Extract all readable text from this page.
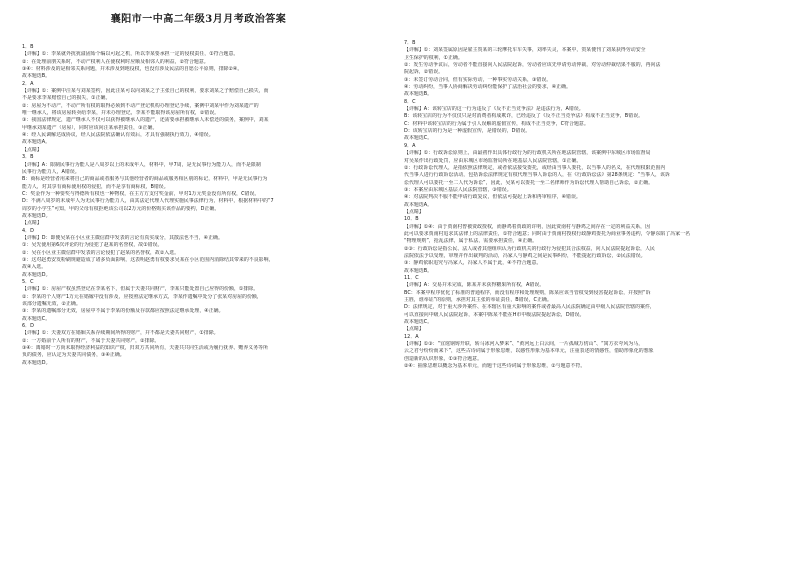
襄阳市一中高二年级3月月考政治答案
1．B
【详解】①：李某就外扰犹溢固始个编以可起之机，所以李某要承担一定的侵权责任，①符合题意。
②：在处理前朋关系时，不动产权利人在使权利时应顺及相邻人的利益，②符合题意。
③④：材料涉及的是相邻关系问题，并未涉及到地役权，也没有涉及民法的自愿公平原则，排除②④。
故本题选B。
2．A
【详解】①：案例中汪某与刘某签约，因此汪某可以向刘某之子主张自己的权利，要求刘某之子赔偿自己损失，而
不是要求李某赔偿自己的损失，①正确。
②：房屋为不动产，不动产所有权的取得必须到不动产登记机构办理登记手续，案例中刘某甲作为刘某遗产的
唯一继承人，将该房屋转卖给李某，并未办理登记，李某不能取得该房屋所有权，②错误。
③：我国法律规定，遗产继承人不仅可以获得被继承人的遗产，还需要承担被继承人未偿还的债务，案例中，刘某
甲继承刘某遗产（房屋），同时应该向汪某承担责任，③正确。
④：经人民调解达成协议，经人民法院依法确认有效后，才具有强制执行效力，④错误。
故本题选A。
【点睛】
3．B
【详解】A：限制民事行为能人是八周岁以上的未成年人，材料中，甲7周，是无民事行为能力人，而不是限制
民事行为能力人，A错误。
B：商标是经营者用来将自己的商品或者服务与其他经营者的商品或服务相区别的标记，材料中，甲是无民事行为
能力人，对其享有商标使用权的侵犯，而不是享有商标权，B错误。
C：奖金作为一种要奖与得德所有权也一种物权，在主方方支付奖金前，甲对1万元奖金没有所有权，C错误。
D：不满八周岁的未成年人为无民事行为能力人，由其法定代理人代理实施民事法律行为，材料中，根据材料中的“7
周岁的小学生”可知，甲的父母有权拒绝该公司以2万元的价格购买该作品的要约，D正确。
故本题选D。
【点睛】
4．D
【详解】D：即便吴某在小区业主微信群中发表的言论有真实成分，其散法也不当，④正确。
①：吴先使用第6次评论的行为侵犯了赵某的名誉权，故①错误。
②：吴在小区业主微信群中发表的言论侵犯了赵某的名誉权，故②入选。
③：这对赵勇安发粉刷规避造成了诸多负面影响，这表明赵勇有权要求吴某在小区范围内消除结其带来的不良影响，
故④入选。
故本题选D。
5．C
【详解】①：房屋产权虽然登记在李某名下，但属于夫妻共同财产，李某只能处置自己应得的份额，①排除。
②：李某的个人财产1万元在婚嫁中没有涉及，应按照法定继承方式，李某作遗嘱中处分了张某对房屋的份额，
该部分遗嘱无效，②正确。
③：李某的遗嘱部分无效，房屋中不属于李某的份额及存款都应按照法定继承处理，④正确。
故本题选C。
6．D
【详解】①：夫妻双方在婚姻关系存续期间所得的财产，并不都是夫妻共同财产，①排除。
②：一方婚前个人所有的财产，不属于夫妻共同财产，②排除。
③④：离婚时一方尚未取得经济利益的知识产权，归双方共同所有，夫妻共共同生活或为履行抚养、赡养义务等所
负的债务，应认定为夫妻共同债务，③④正确。
故本题选D。
7．B
【详解】①：刘某签属原因是雇主贺某的三轮摩托车车失事，刘率失灵，本案中，贺某便刊了刘某获得劳动安全
卫生保护的权利，①正确。
②：发生劳动争议后，劳动者不能直接向人民法院起诉，劳动者应该先申请劳动仲裁，对劳动仲裁结果不服的，再向法
院起诉，②错误。
③：未签订劳动合同，但有实际劳动，一种事实劳动关系，③错误。
④：劳动纠纷，当事人协商解决劳动纠纷能保护了法治社会的要求，④正确。
故本题选B。
8．C
【详解】A：该转宝店的这一行为违反了《反不正当竞争法》是违法行为，A错误。
B：该转宝店的行为不仅仅只是对消费者构成欺诈，已经违反了《反不正当竞争法》构成不正当竞争，B错误。
C：材料中该转宝店的行为属于引人误解的虚假宣传，构成不正当竞争，C符合题意。
D：该转宝店的行为是一种虚假宣传，是错误的，D错误。
故本题选C。
9．A
【详解】①：行政诉讼原则上，由最初作出具体行政行为的行政机关所在地法院管辖，该案例中东城区市场监督局
对吴某作出行政处罚，应由东城区市场监督局所在地基层人民法院管辖，①正确。
②：行政诉讼代理人，是指依照法律规定，或者依法接受委托，或经由当事人委托，以当事人的名义，在代理权限范围内
代当事人进行行政诉讼活动，包括诉讼法律规定有权代理当事人诉讼的人，在《行政诉讼法》第28条规定：“当事人，该诉
讼代理人可以委托一至二人代为诉讼”，因此，吴某可以委托一至二名律师作为诉讼代理人帮助自己诉讼，②正确。
③：本案应由东城区基层人民法院管辖，③错误。
④：对法院判决不服不能申请行政复议，但依法可提起上诉和再审程序，④错误。
故本题选A。
【点睛】
10．B
【详解】①④：由于贾南村曾被贾政授权，而静鸡着贾政的许明，因此贾南村与静鸡之间存在一定的利益关系，因
此可以要求贾南村追求其法律上的法律责任，①符合题意；同时由于贾南村授权行政静鸡委托为商业事务违约，令静东陷了冯家一名
“物理规则”，抢乱法律，属于私法，需要承担责任，④正确。
②③：行政诉讼是指公民、法人或者其他组织认为行政机关的行政行为侵犯其合法权益，向人民法院提起诉讼，人民
法院依法予以受理，审理并作出裁判的活动，冯家人与静鸡之间是民事纠纷，不能提起行政诉讼，②民法错误。
③：静鸡依职追究与冯家人，冯家人不属于此，④不符合题意。
故本题选B。
11．C
【详解】A：交易并未完成，陈某并未获得糖果所有权，A错误。
BC：本案中程序优化了标准的普通程序，而没有程序和处理规则，陈某应该当管权受到侵害提起诉讼，并按照“诉
主胜，谁举证”的原则，承担对其主张的举证责任，B错误，C正确。
D：法律规定，对于重大涉外案件、在本辖区有重大影响的案件或者最高人民法院确定由中级人民法院管辖的案件，
可以直接向中级人民法院起诉，本案中陈某不能在H市中级法院提起诉讼，D错误。
故本题选C。
【点睛】
12．A
【详解】①③：“宜庭钢铸开联，转马冰河入梦来”、“黄河远上白云间，一片孤城万仞山”、“寓方衣夸风为马，
云之君兮纷纷而来下”，这些古诗词属于形象思维，以感性形象为基本单元，注重表述的情感性，借助形象化的想象
创造新的认识形象，①③符合题意。
②④：抽象思维以概念为基本单元，而题干这些诗词属于形象思维，②与题意不符。
